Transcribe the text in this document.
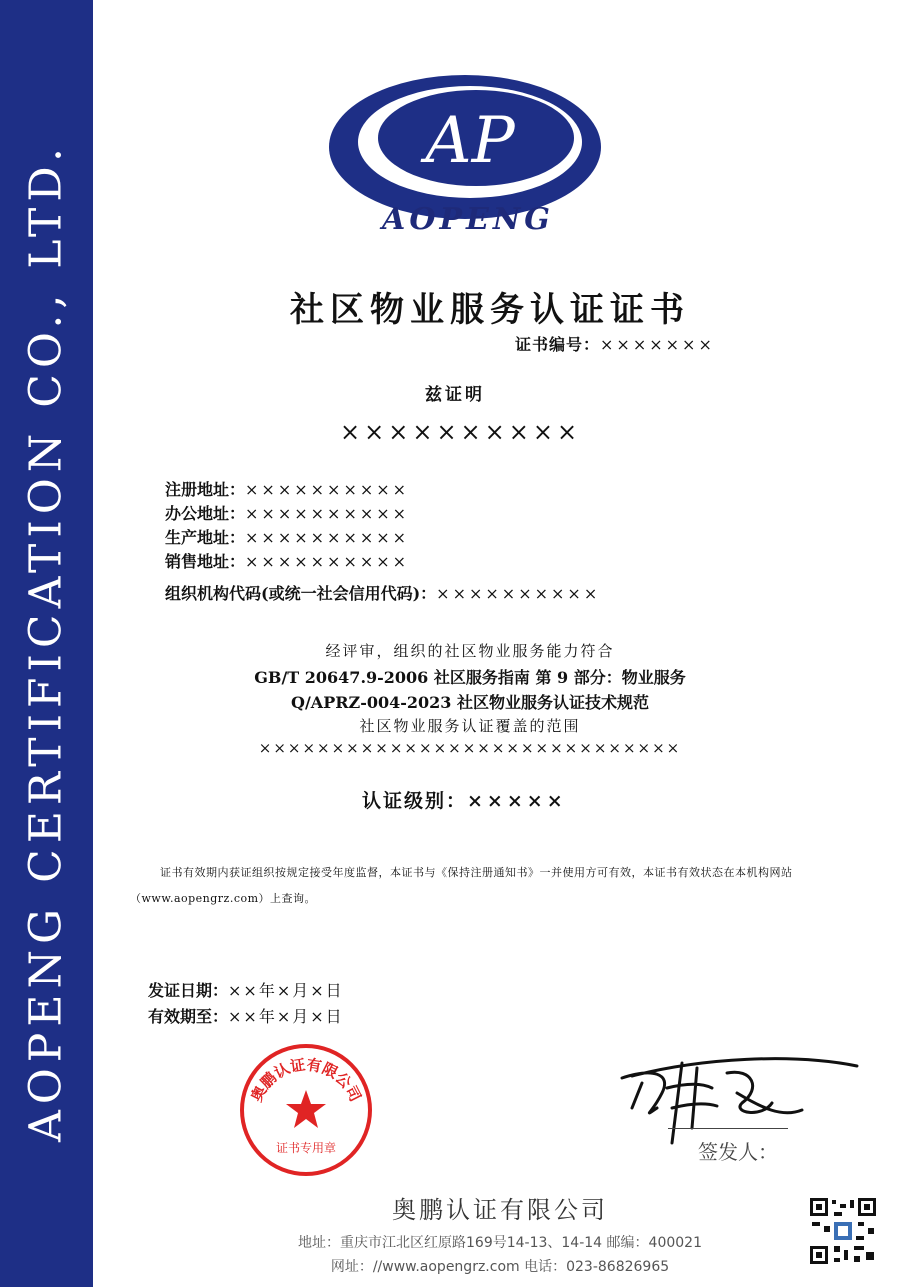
AOPENG CERTIFICATION CO., LTD.
AP
AOPENG
社区物业服务认证证书
证书编号：×××××××
兹证明
××××××××××
注册地址：××××××××××
办公地址：××××××××××
生产地址：××××××××××
销售地址：××××××××××
组织机构代码(或统一社会信用代码)：××××××××××
经评审，组织的社区物业服务能力符合
GB/T 20647.9-2006 社区服务指南 第 9 部分：物业服务
Q/APRZ-004-2023 社区物业服务认证技术规范
社区物业服务认证覆盖的范围
×××××××××××××××××××××××××××××
认证级别：×××××
证书有效期内获证组织按规定接受年度监督，本证书与《保持注册通知书》一并使用方可有效，本证书有效状态在本机构网站（www.aopengrz.com）上查询。
发证日期：××年×月×日
有效期至：××年×月×日
奥鹏认证有限公司
证书专用章	签发人：
奥鹏认证有限公司
地址：重庆市江北区红原路169号14-13、14-14 邮编：400021
网址：//www.aopengrz.com 电话：023-86826965
